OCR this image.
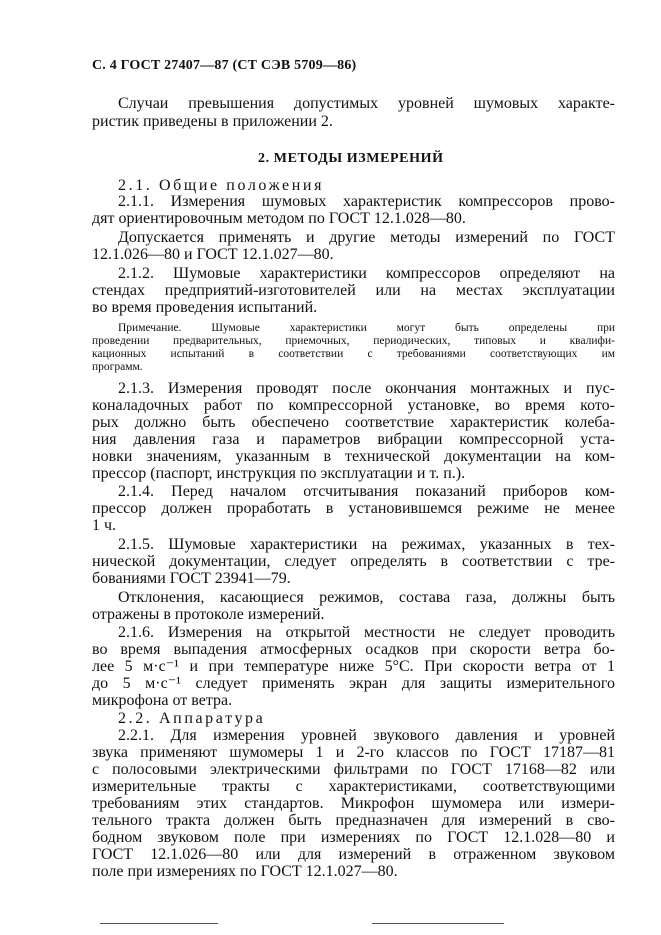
С. 4 ГОСТ 27407—87 (СТ СЭВ 5709—86)
Случаи превышения допустимых уровней шумовых характе-
ристик приведены в приложении 2.
2. МЕТОДЫ ИЗМЕРЕНИЙ
2.1. Общие положения
2.1.1. Измерения шумовых характеристик компрессоров прово-
дят ориентировочным методом по ГОСТ 12.1.028—80.
Допускается применять и другие методы измерений по ГОСТ
12.1.026—80 и ГОСТ 12.1.027—80.
2.1.2. Шумовые характеристики компрессоров определяют на
стендах предприятий-изготовителей или на местах эксплуатации
во время проведения испытаний.
Примечание. Шумовые характеристики могут быть определены при
проведении предварительных, приемочных, периодических, типовых и квалифи-
кационных испытаний в соответствии с требованиями соответствующих им
программ.
2.1.3. Измерения проводят после окончания монтажных и пус-
коналадочных работ по компрессорной установке, во время кото-
рых должно быть обеспечено соответствие характеристик колеба-
ния давления газа и параметров вибрации компрессорной уста-
новки значениям, указанным в технической документации на ком-
прессор (паспорт, инструкция по эксплуатации и т. п.).
2.1.4. Перед началом отсчитывания показаний приборов ком-
прессор должен проработать в установившемся режиме не менее
1 ч.
2.1.5. Шумовые характеристики на режимах, указанных в тех-
нической документации, следует определять в соответствии с тре-
бованиями ГОСТ 23941—79.
Отклонения, касающиеся режимов, состава газа, должны быть
отражены в протоколе измерений.
2.1.6. Измерения на открытой местности не следует проводить
во время выпадения атмосферных осадков при скорости ветра бо-
лее 5 м·с⁻¹ и при температуре ниже 5°С. При скорости ветра от 1
до 5 м·с⁻¹ следует применять экран для защиты измерительного
микрофона от ветра.
2.2. Аппаратура
2.2.1. Для измерения уровней звукового давления и уровней
звука применяют шумомеры 1 и 2-го классов по ГОСТ 17187—81
с полосовыми электрическими фильтрами по ГОСТ 17168—82 или
измерительные тракты с характеристиками, соответствующими
требованиям этих стандартов. Микрофон шумомера или измери-
тельного тракта должен быть предназначен для измерений в сво-
бодном звуковом поле при измерениях по ГОСТ 12.1.028—80 и
ГОСТ 12.1.026—80 или для измерений в отраженном звуковом
поле при измерениях по ГОСТ 12.1.027—80.
